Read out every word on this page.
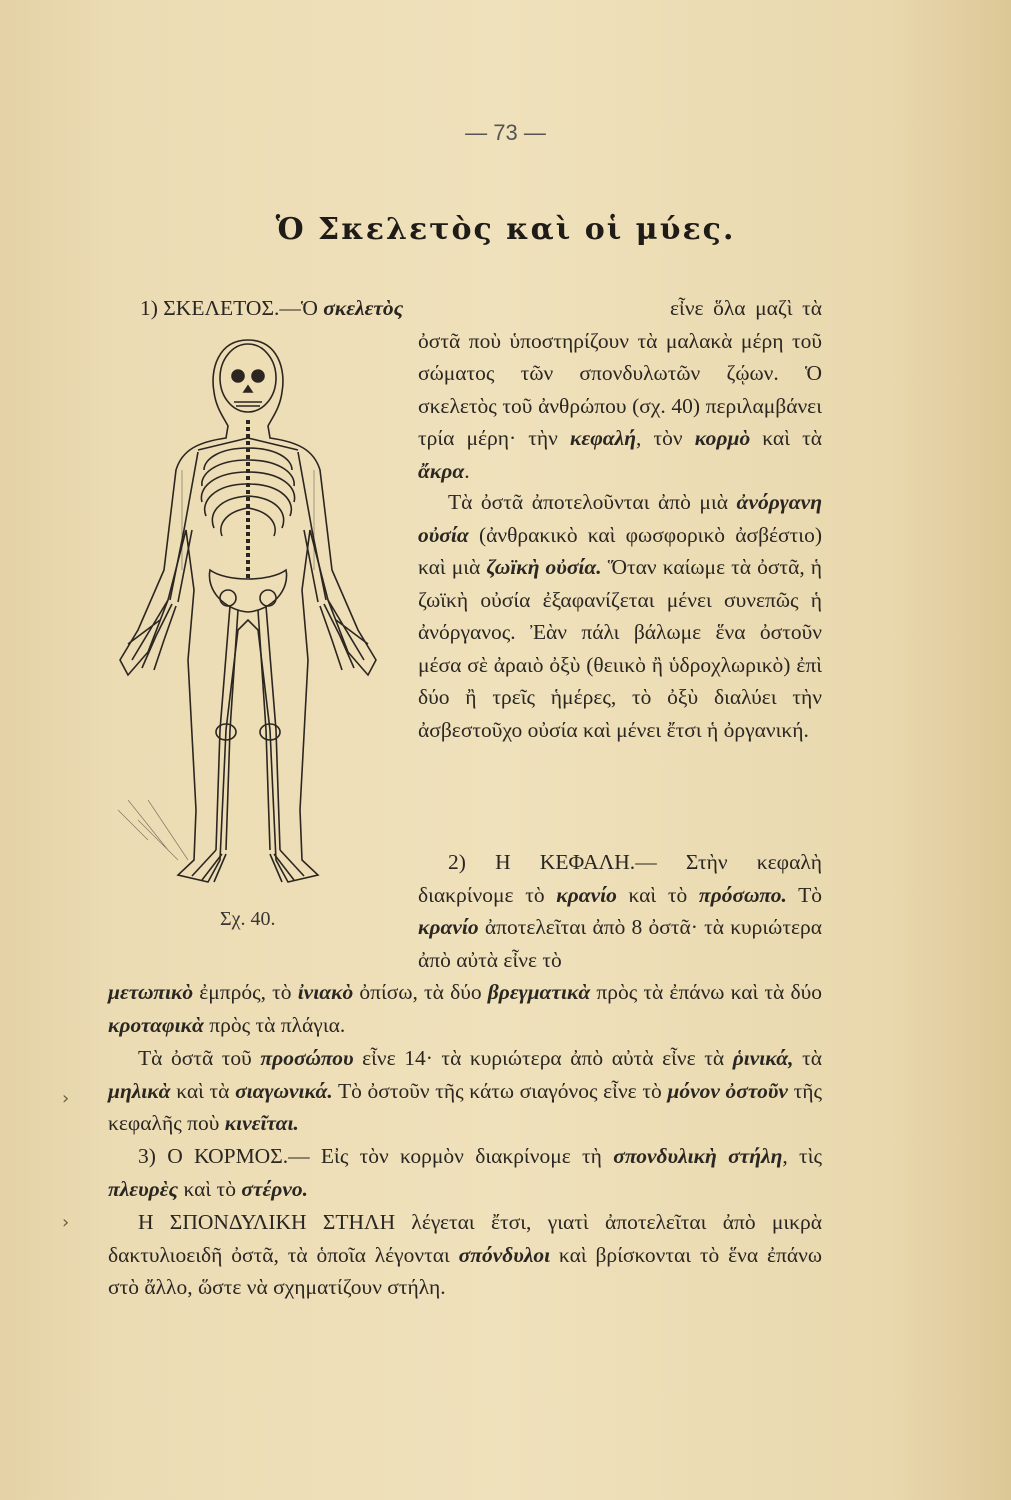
— 73 —
Ὁ Σκελετὸς καὶ οἱ μύες.
Σχ. 40.

1) ΣΚΕΛΕΤΟΣ.—Ὁ σκελετὸς	εἶνε ὅλα μαζὶ τὰ ὀστᾶ ποὺ ὑποστηρίζουν τὰ μαλακὰ μέρη τοῦ σώματος τῶν σπονδυλωτῶν ζῴων. Ὁ σκελετὸς τοῦ ἀνθρώπου (σχ. 40) περιλαμβάνει τρία μέρη· τὴν κεφαλή, τὸν κορμὸ καὶ τὰ ἄκρα.

Τὰ ὀστᾶ ἀποτελοῦνται ἀπὸ μιὰ ἀνόργανη οὐσία (ἀνθρακικὸ καὶ φωσφορικὸ ἀσβέστιο) καὶ μιὰ ζωϊκὴ οὐσία. Ὅταν καίωμε τὰ ὀστᾶ, ἡ ζωϊκὴ οὐσία ἐξαφανίζεται μένει συνεπῶς ἡ ἀνόργανος. Ἐὰν πάλι βάλωμε ἕνα ὀστοῦν μέσα σὲ ἀραιὸ ὀξὺ (θειικὸ ἢ ὑδροχλωρικὸ) ἐπὶ δύο ἢ τρεῖς ἡμέρες, τὸ ὀξὺ διαλύει τὴν ἀσβεστοῦχο οὐσία καὶ μένει ἔτσι ἡ ὀργανική.

2) Η ΚΕΦΑΛΗ.— Στὴν κεφαλὴ διακρίνομε τὸ κρανίο καὶ τὸ πρόσωπο. Τὸ κρανίο ἀποτελεῖται ἀπὸ 8 ὀστᾶ· τὰ κυριώτερα ἀπὸ αὐτὰ εἶνε τὸ

μετωπικὸ ἐμπρός, τὸ ἰνιακὸ ὀπίσω, τὰ δύο βρεγματικὰ πρὸς τὰ ἐπάνω καὶ τὰ δύο κροταφικὰ πρὸς τὰ πλάγια.

Τὰ ὀστᾶ τοῦ προσώπου εἶνε 14· τὰ κυριώτερα ἀπὸ αὐτὰ εἶνε τὰ ῥινικά, τὰ μηλικὰ καὶ τὰ σιαγωνικά. Τὸ ὀστοῦν τῆς κάτω σιαγόνος εἶνε τὸ μόνον ὀστοῦν τῆς κεφαλῆς ποὺ κινεῖται.

3) Ο ΚΟΡΜΟΣ.— Εἰς τὸν κορμὸν διακρίνομε τὴ σπονδυλικὴ στήλη, τὶς πλευρὲς καὶ τὸ στέρνο.

Η ΣΠΟΝΔΥΛΙΚΗ ΣΤΗΛΗ λέγεται ἔτσι, γιατὶ ἀποτελεῖται ἀπὸ μικρὰ δακτυλιοειδῆ ὀστᾶ, τὰ ὁποῖα λέγονται σπόνδυλοι καὶ βρίσκονται τὸ ἕνα ἐπάνω στὸ ἄλλο, ὥστε νὰ σχηματίζουν στήλη.

›
›
